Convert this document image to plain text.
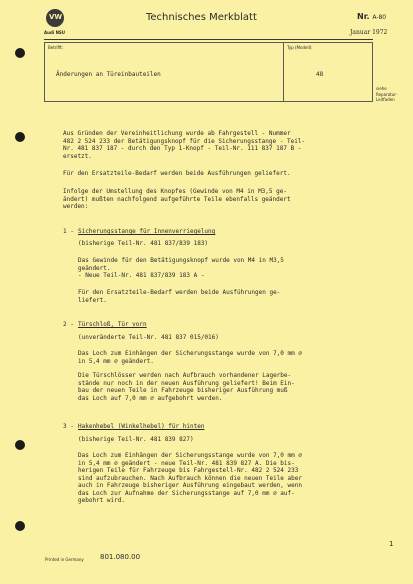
VW
Audi NSU
Technisches Merkblatt	Nr. A-80
Januar 1972
Betrifft:	Typ (Modell):
Änderungen an Türeinbauteilen	48
siehe
Reparatur-
Leitfaden
Aus Gründen der Vereinheitlichung wurde ab Fahrgestell - Nummer
482 2 524 233 der Betätigungsknopf für die Sicherungsstange - Teil-
Nr. 481 837 187 - durch den Typ 1-Knopf - Teil-Nr. 111 837 187 B -
ersetzt.
Für den Ersatzteile-Bedarf werden beide Ausführungen geliefert.
Infolge der Umstellung des Knopfes (Gewinde von M4 in M3,5 ge-
ändert) mußten nachfolgend aufgeführte Teile ebenfalls geändert
werden:
1 - Sicherungsstange für Innenverriegelung
(bisherige Teil-Nr. 481 837/839 183)
Das Gewinde für den Betätigungsknopf wurde von M4 in M3,5
geändert.
- Neue Teil-Nr. 481 837/839 183 A -
Für den Ersatzteile-Bedarf werden beide Ausführungen ge-
liefert.
2 - Türschloß, Tür vorn
(unveränderte Teil-Nr. 481 837 015/016)
Das Loch zum Einhängen der Sicherungsstange wurde von 7,0 mm ∅
in 5,4 mm ∅ geändert.
Die Türschlösser werden nach Aufbrauch vorhandener Lagerbe-
stände nur noch in der neuen Ausführung geliefert! Beim Ein-
bau der neuen Teile in Fahrzeuge bisheriger Ausführung muß
das Loch auf 7,0 mm ∅ aufgebohrt werden.
3 - Hakenhebel (Winkelhebel) für hinten
(bisherige Teil-Nr. 481 839 827)
Das Loch zum Einhängen der Sicherungsstange wurde von 7,0 mm ∅
in 5,4 mm ∅ geändert - neue Teil-Nr. 481 839 827 A. Die bis-
herigen Teile für Fahrzeuge bis Fahrgestell-Nr. 482 2 524 233
sind aufzubrauchen. Nach Aufbrauch können die neuen Teile aber
auch in Fahrzeuge bisheriger Ausführung eingebaut werden, wenn
das Loch zur Aufnahme der Sicherungsstange auf 7,0 mm ∅ auf-
gebohrt wird.
Printed in Germany 801.080.00
1
